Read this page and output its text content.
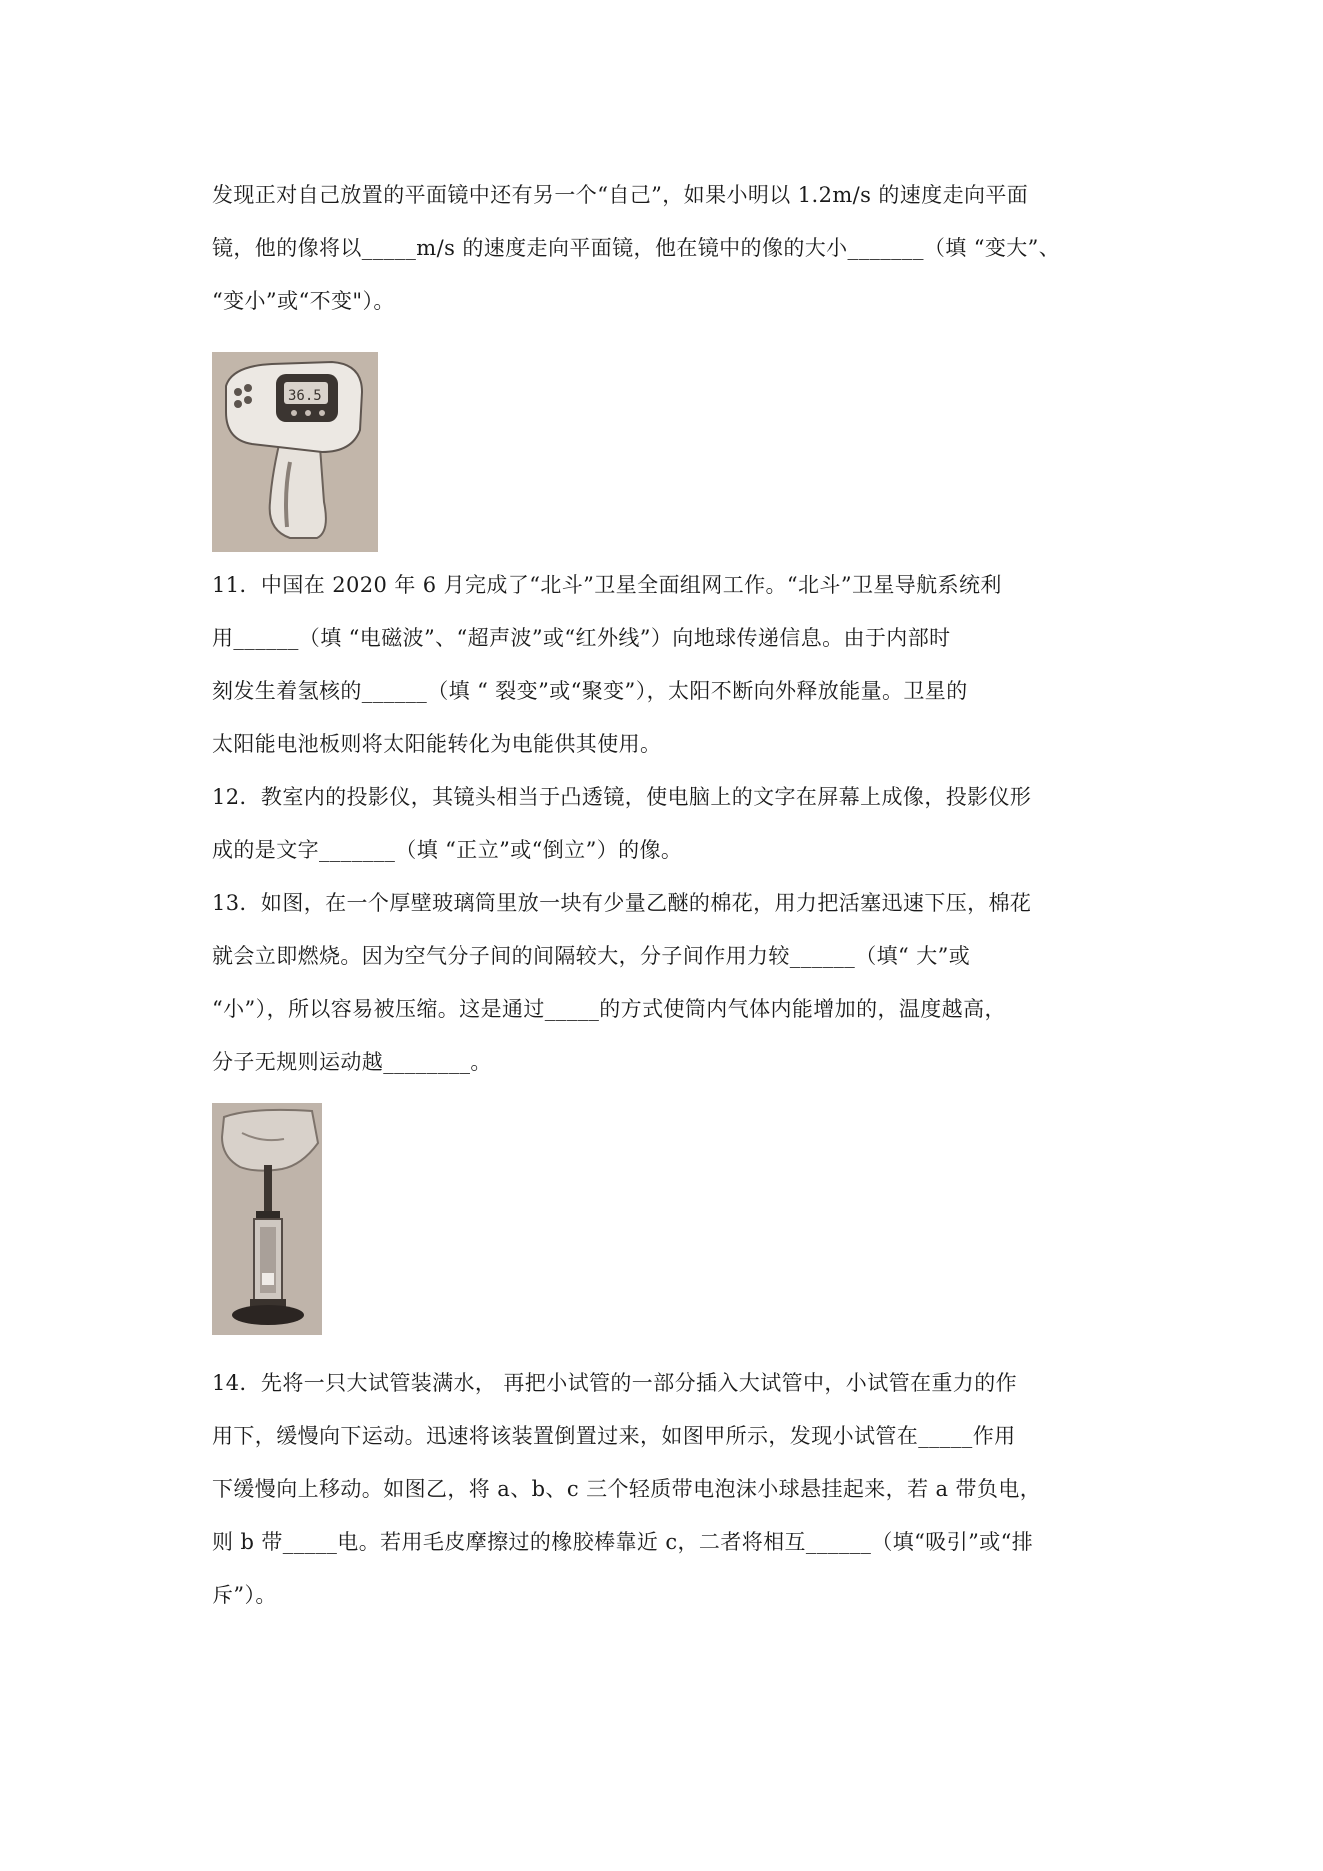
发现正对自己放置的平面镜中还有另一个“自己”，如果小明以 1.2m/s 的速度走向平面
镜，他的像将以_____m/s 的速度走向平面镜，他在镜中的像的大小_______（填 “变大”、
“变小”或“不变"）。
36.5
11．中国在 2020 年 6 月完成了“北斗”卫星全面组网工作。“北斗”卫星导航系统利
用______（填 “电磁波”、“超声波”或“红外线”）向地球传递信息。由于内部时
刻发生着氢核的______（填 “ 裂变”或“聚变”），太阳不断向外释放能量。卫星的
太阳能电池板则将太阳能转化为电能供其使用。
12．教室内的投影仪，其镜头相当于凸透镜，使电脑上的文字在屏幕上成像，投影仪形
成的是文字_______（填 “正立”或“倒立”）的像。
13．如图，在一个厚壁玻璃筒里放一块有少量乙醚的棉花，用力把活塞迅速下压，棉花
就会立即燃烧。因为空气分子间的间隔较大，分子间作用力较______（填“ 大”或
“小”），所以容易被压缩。这是通过_____的方式使筒内气体内能增加的，温度越高，
分子无规则运动越________。
14．先将一只大试管装满水， 再把小试管的一部分插入大试管中，小试管在重力的作
用下，缓慢向下运动。迅速将该装置倒置过来，如图甲所示，发现小试管在_____作用
下缓慢向上移动。如图乙，将 a、b、c 三个轻质带电泡沫小球悬挂起来，若 a 带负电，
则 b 带_____电。若用毛皮摩擦过的橡胶棒靠近 c，二者将相互______（填“吸引”或“排
斥”）。
